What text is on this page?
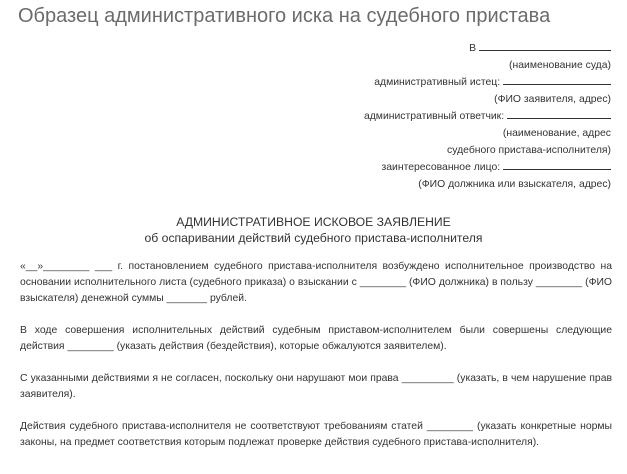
Образец административного иска на судебного пристава
В
(наименование суда)
административный истец:
(ФИО заявителя, адрес)
административный ответчик:
(наименование, адрес
судебного пристава-исполнителя)
заинтересованное лицо:
(ФИО должника или взыскателя, адрес)
АДМИНИСТРАТИВНОЕ ИСКОВОЕ ЗАЯВЛЕНИЕ
об оспаривании действий судебного пристава-исполнителя

«__»________ ___ г. постановлением судебного пристава-исполнителя возбуждено исполнительное производство на основании исполнительного листа (судебного приказа) о взыскании с ________ (ФИО должника) в пользу ________ (ФИО взыскателя) денежной суммы _______ рублей.

В ходе совершения исполнительных действий судебным приставом-исполнителем были совершены следующие действия ________ (указать действия (бездействия), которые обжалуются заявителем).

С указанными действиями я не согласен, поскольку они нарушают мои права _________ (указать, в чем нарушение прав заявителя).

Действия судебного пристава-исполнителя не соответствуют требованиям статей ________ (указать конкретные нормы законы, на предмет соответствия которым подлежат проверке действия судебного пристава-исполнителя).
